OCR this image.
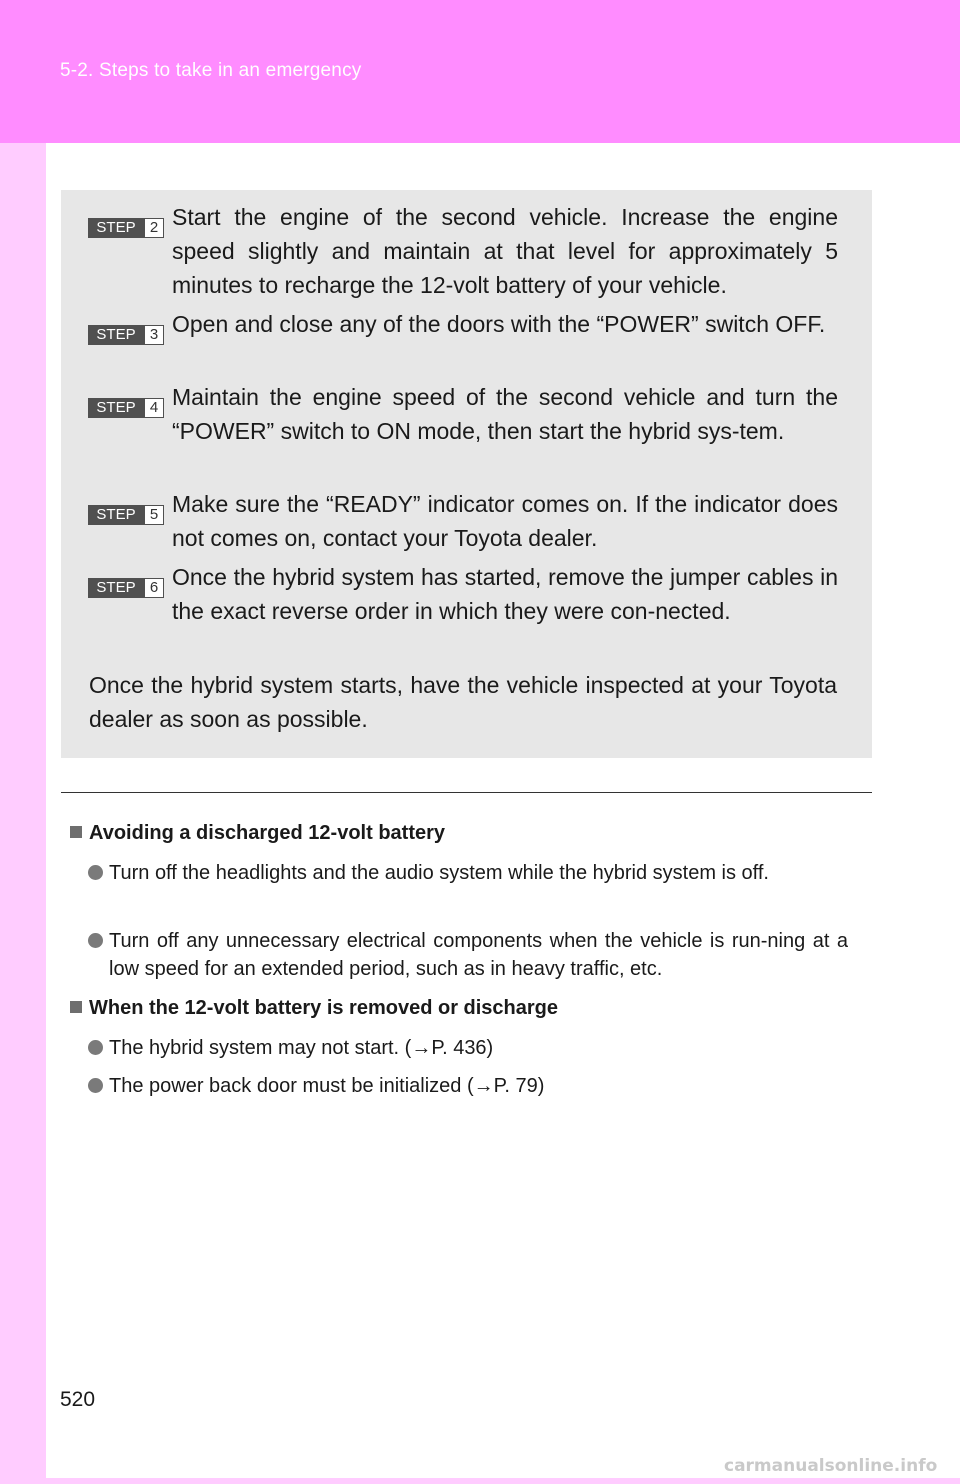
5-2. Steps to take in an emergency
STEP 2 Start the engine of the second vehicle. Increase the engine speed slightly and maintain at that level for approximately 5 minutes to recharge the 12-volt battery of your vehicle.
STEP 3 Open and close any of the doors with the “POWER” switch OFF.
STEP 4 Maintain the engine speed of the second vehicle and turn the “POWER” switch to ON mode, then start the hybrid sys-tem.
STEP 5 Make sure the “READY” indicator comes on. If the indicator does not comes on, contact your Toyota dealer.
STEP 6 Once the hybrid system has started, remove the jumper cables in the exact reverse order in which they were con-nected.
Once the hybrid system starts, have the vehicle inspected at your Toyota dealer as soon as possible.
Avoiding a discharged 12-volt battery
Turn off the headlights and the audio system while the hybrid system is off.
Turn off any unnecessary electrical components when the vehicle is run-ning at a low speed for an extended period, such as in heavy traffic, etc.
When the 12-volt battery is removed or discharge
The hybrid system may not start. (→P. 436)
The power back door must be initialized (→P. 79)
520
carmanualsonline.info
